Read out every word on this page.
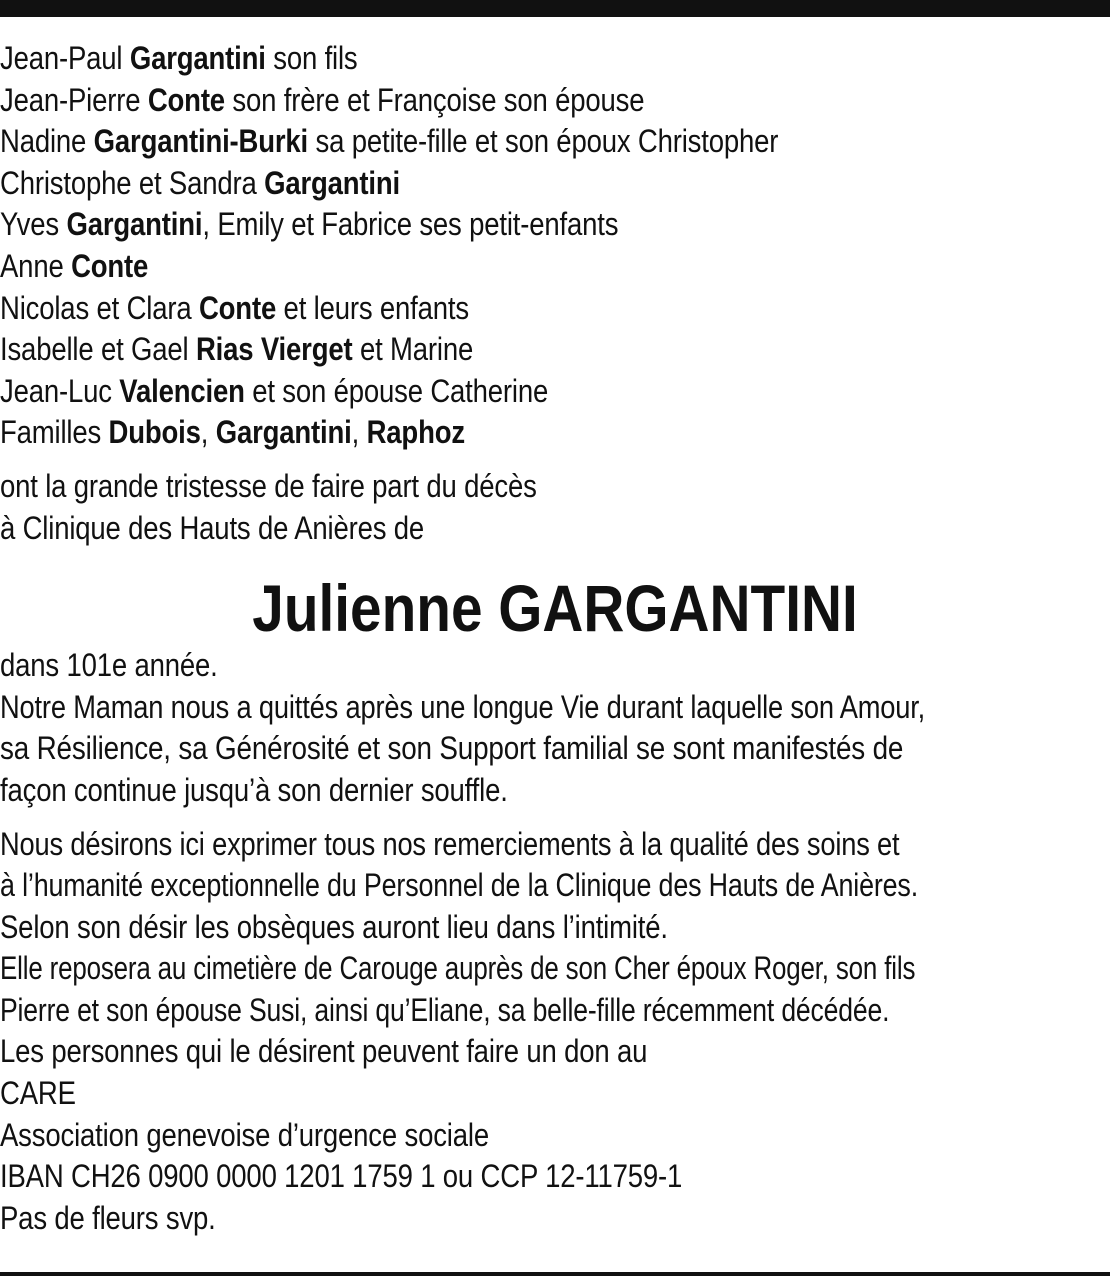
Jean-Paul Gargantini son fils
Jean-Pierre Conte son frère et Françoise son épouse
Nadine Gargantini-Burki sa petite-fille et son époux Christopher
Christophe et Sandra Gargantini
Yves Gargantini, Emily et Fabrice ses petit-enfants
Anne Conte
Nicolas et Clara Conte et leurs enfants
Isabelle et Gael Rias Vierget et Marine
Jean-Luc Valencien et son épouse Catherine
Familles Dubois, Gargantini, Raphoz
ont la grande tristesse de faire part du décès
à Clinique des Hauts de Anières de
Julienne GARGANTINI
dans 101e année.
Notre Maman nous a quittés après une longue Vie durant laquelle son Amour,
sa Résilience, sa Générosité et son Support familial se sont manifestés de
façon continue jusqu’à son dernier souffle.
Nous désirons ici exprimer tous nos remerciements à la qualité des soins et
à l’humanité exceptionnelle du Personnel de la Clinique des Hauts de Anières.
Selon son désir les obsèques auront lieu dans l’intimité.
Elle reposera au cimetière de Carouge auprès de son Cher époux Roger, son fils
Pierre et son épouse Susi, ainsi qu’Eliane, sa belle-fille récemment décédée.
Les personnes qui le désirent peuvent faire un don au
CARE
Association genevoise d’urgence sociale
IBAN CH26 0900 0000 1201 1759 1 ou CCP 12-11759-1
Pas de fleurs svp.
